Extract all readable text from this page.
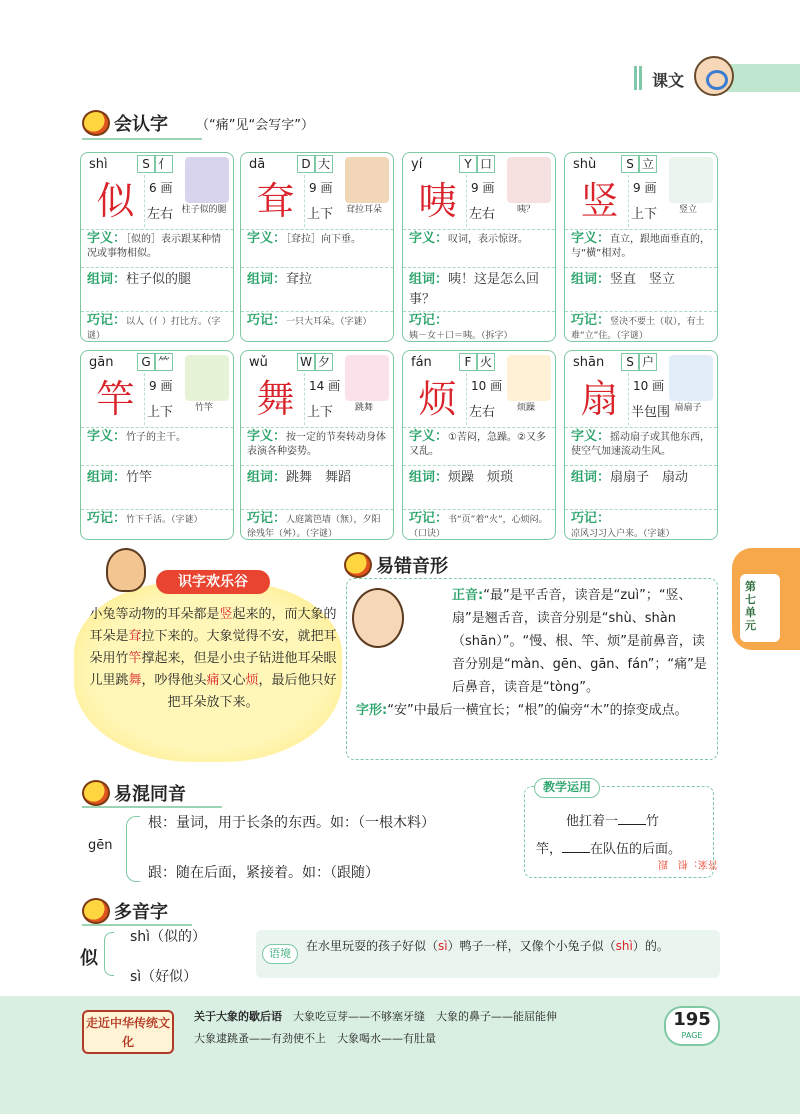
课文
会认字 （“痛”见“会写字”）
shì	S 亻
似	6 画
左右 柱子似的腿
字义：［似的］表示跟某种情况或事物相似。
组词：柱子似的腿
巧记：以人（亻）打比方。（字谜）
dā	D 大
耷	9 画
上下	耷拉耳朵
字义：［耷拉］向下垂。
组词：耷拉
巧记：一只大耳朵。（字谜）
yí	Y 口
咦	9 画
左右	咦？
字义：叹词，表示惊讶。
组词：咦！这是怎么回事？
巧记：姨－女＋口＝咦。（拆字）
shù	S 立
竖	9 画
上下	竖立
字义：直立，跟地面垂直的，与“横”相对。
组词：竖直　竖立
巧记：竖决不要土（収），有土难“立”住。（字谜）
gān	G ⺮
竿	9 画
上下	竹竿
字义：竹子的主干。
组词：竹竿
巧记：竹下千活。（字谜）
wǔ	W 夕
舞	14 画
上下	跳舞
字义：按一定的节奏转动身体表演各种姿势。
组词：跳舞　舞蹈
巧记：人庭篱笆墙（無），夕阳徐残年（舛）。（字谜）
fán	F 火
烦	10 画
左右	烦躁
字义：①苦闷，急躁。②又多又乱。
组词：烦躁　烦琐
巧记：书“页”着“火”，心烦闷。（口诀）
shān	S 户
扇	10 画
半包围 扇扇子
字义：摇动扇子或其他东西，使空气加速流动生风。
组词：扇扇子　扇动
巧记：凉风习习入户来。（字谜）
识字欢乐谷
小兔等动物的耳朵都是竖起来的，而大象的耳朵是耷拉下来的。大象觉得不安，就把耳朵用竹竿撑起来，但是小虫子钻进他耳朵眼儿里跳舞，吵得他头痛又心烦，最后他只好把耳朵放下来。
易错音形
正音:“最”是平舌音，读音是“zuì”；“竖、扇”是翘舌音，读音分别是“shù、shàn（shān）”。“慢、根、竿、烦”是前鼻音，读音分别是“màn、gēn、gān、fán”；“痛”是后鼻音，读音是“tòng”。
字形:“安”中最后一横宜长；“根”的偏旁“木”的捺变成点。
第七单元
易混同音
gēn
根：量词，用于长条的东西。如：（一根木料）
跟：随在后面，紧接着。如：（跟随）
教学运用
他扛着一 竹
竿， 在队伍的后面。
答案：根　跟
多音字
似
shì（似的）
sì（好似）
语境
在水里玩耍的孩子好似（sì）鸭子一样，又像个小兔子似（shì）的。
走近中华传统文化
关于大象的歇后语　 大象吃豆芽——不够塞牙缝　大象的鼻子——能屈能伸
大象逮跳蚤——有劲使不上　大象喝水——有肚量
195
PAGE
